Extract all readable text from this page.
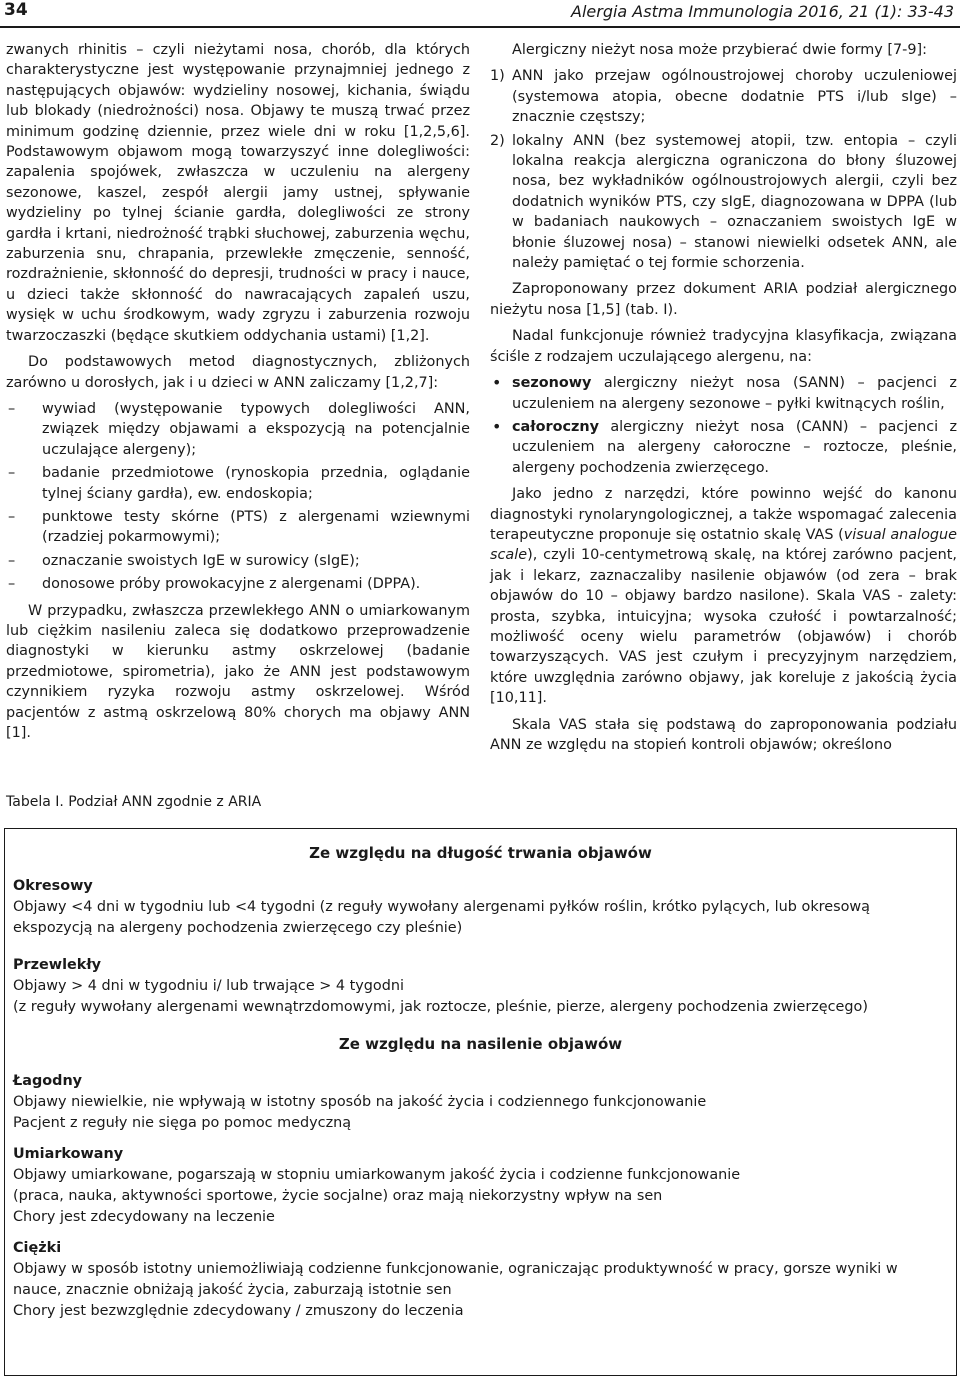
34	Alergia Astma Immunologia 2016, 21 (1): 33-43

zwanych rhinitis – czyli nieżytami nosa, chorób, dla których charakterystyczne jest występowanie przynajmniej jednego z następujących objawów: wydzieliny nosowej, kichania, świądu lub blokady (niedrożności) nosa. Objawy te muszą trwać przez minimum godzinę dziennie, przez wiele dni w roku [1,2,5,6]. Podstawowym objawom mogą towarzyszyć inne dolegliwości: zapalenia spojówek, zwłaszcza w uczuleniu na alergeny sezonowe, kaszel, zespół alergii jamy ustnej, spływanie wydzieliny po tylnej ścianie gardła, dolegliwości ze strony gardła i krtani, niedrożność trąbki słuchowej, zaburzenia węchu, zaburzenia snu, chrapania, przewlekłe zmęczenie, senność, rozdrażnienie, skłonność do depresji, trudności w pracy i nauce, u dzieci także skłonność do nawracających zapaleń uszu, wysięk w uchu środkowym, wady zgryzu i zaburzenia rozwoju twarzoczaszki (będące skutkiem oddychania ustami) [1,2].

Do podstawowych metod diagnostycznych, zbliżonych zarówno u dorosłych, jak i u dzieci w ANN zaliczamy [1,2,7]:

– wywiad (występowanie typowych dolegliwości ANN, związek między objawami a ekspozycją na potencjalnie uczulające alergeny);
– badanie przedmiotowe (rynoskopia przednia, oglądanie tylnej ściany gardła), ew. endoskopia;
– punktowe testy skórne (PTS) z alergenami wziewnymi (rzadziej pokarmowymi);
– oznaczanie swoistych IgE w surowicy (sIgE);
– donosowe próby prowokacyjne z alergenami (DPPA).

W przypadku, zwłaszcza przewlekłego ANN o umiarkowanym lub ciężkim nasileniu zaleca się dodatkowo przeprowadzenie diagnostyki w kierunku astmy oskrzelowej (badanie przedmiotowe, spirometria), jako że ANN jest podstawowym czynnikiem ryzyka rozwoju astmy oskrzelowej. Wśród pacjentów z astmą oskrzelową 80% chorych ma objawy ANN [1].

Alergiczny nieżyt nosa może przybierać dwie formy [7-9]:

1) ANN jako przejaw ogólnoustrojowej choroby uczuleniowej (systemowa atopia, obecne dodatnie PTS i/lub sIge) – znacznie częstszy;
2) lokalny ANN (bez systemowej atopii, tzw. entopia – czyli lokalna reakcja alergiczna ograniczona do błony śluzowej nosa, bez wykładników ogólnoustrojowych alergii, czyli bez dodatnich wyników PTS, czy sIgE, diagnozowana w DPPA (lub w badaniach naukowych – oznaczaniem swoistych IgE w błonie śluzowej nosa) – stanowi niewielki odsetek ANN, ale należy pamiętać o tej formie schorzenia.

Zaproponowany przez dokument ARIA podział alergicznego nieżytu nosa [1,5] (tab. I).

Nadal funkcjonuje również tradycyjna klasyfikacja, związana ściśle z rodzajem uczulającego alergenu, na:

• sezonowy alergiczny nieżyt nosa (SANN) – pacjenci z uczuleniem na alergeny sezonowe – pyłki kwitnących roślin,
• całoroczny alergiczny nieżyt nosa (CANN) – pacjenci z uczuleniem na alergeny całoroczne – roztocze, pleśnie, alergeny pochodzenia zwierzęcego.

Jako jedno z narzędzi, które powinno wejść do kanonu diagnostyki rynolaryngologicznej, a także wspomagać zalecenia terapeutyczne proponuje się ostatnio skalę VAS (visual analogue scale), czyli 10-centymetrową skalę, na której zarówno pacjent, jak i lekarz, zaznaczaliby nasilenie objawów (od zera – brak objawów do 10 – objawy bardzo nasilone). Skala VAS - zalety: prosta, szybka, intuicyjna; wysoka czułość i powtarzalność; możliwość oceny wielu parametrów (objawów) i chorób towarzyszących. VAS jest czułym i precyzyjnym narzędziem, które uwzględnia zarówno objawy, jak koreluje z jakością życia [10,11].

Skala VAS stała się podstawą do zaproponowania podziału ANN ze względu na stopień kontroli objawów; określono

Tabela I. Podział ANN zgodnie z ARIA
Ze względu na długość trwania objawów
Okresowy
Objawy <4 dni w tygodniu lub <4 tygodni (z reguły wywołany alergenami pyłków roślin, krótko pylących, lub okresową ekspozycją na alergeny pochodzenia zwierzęcego czy pleśnie)
Przewlekły
Objawy > 4 dni w tygodniu i/ lub trwające > 4 tygodni
(z reguły wywołany alergenami wewnątrzdomowymi, jak roztocze, pleśnie, pierze, alergeny pochodzenia zwierzęcego)
Ze względu na nasilenie objawów
Łagodny
Objawy niewielkie, nie wpływają w istotny sposób na jakość życia i codziennego funkcjonowanie
Pacjent z reguły nie sięga po pomoc medyczną
Umiarkowany
Objawy umiarkowane, pogarszają w stopniu umiarkowanym jakość życia i codzienne funkcjonowanie
(praca, nauka, aktywności sportowe, życie socjalne) oraz mają niekorzystny wpływ na sen
Chory jest zdecydowany na leczenie
Ciężki
Objawy w sposób istotny uniemożliwiają codzienne funkcjonowanie, ograniczając produktywność w pracy, gorsze wyniki w nauce, znacznie obniżają jakość życia, zaburzają istotnie sen
Chory jest bezwzględnie zdecydowany / zmuszony do leczenia
